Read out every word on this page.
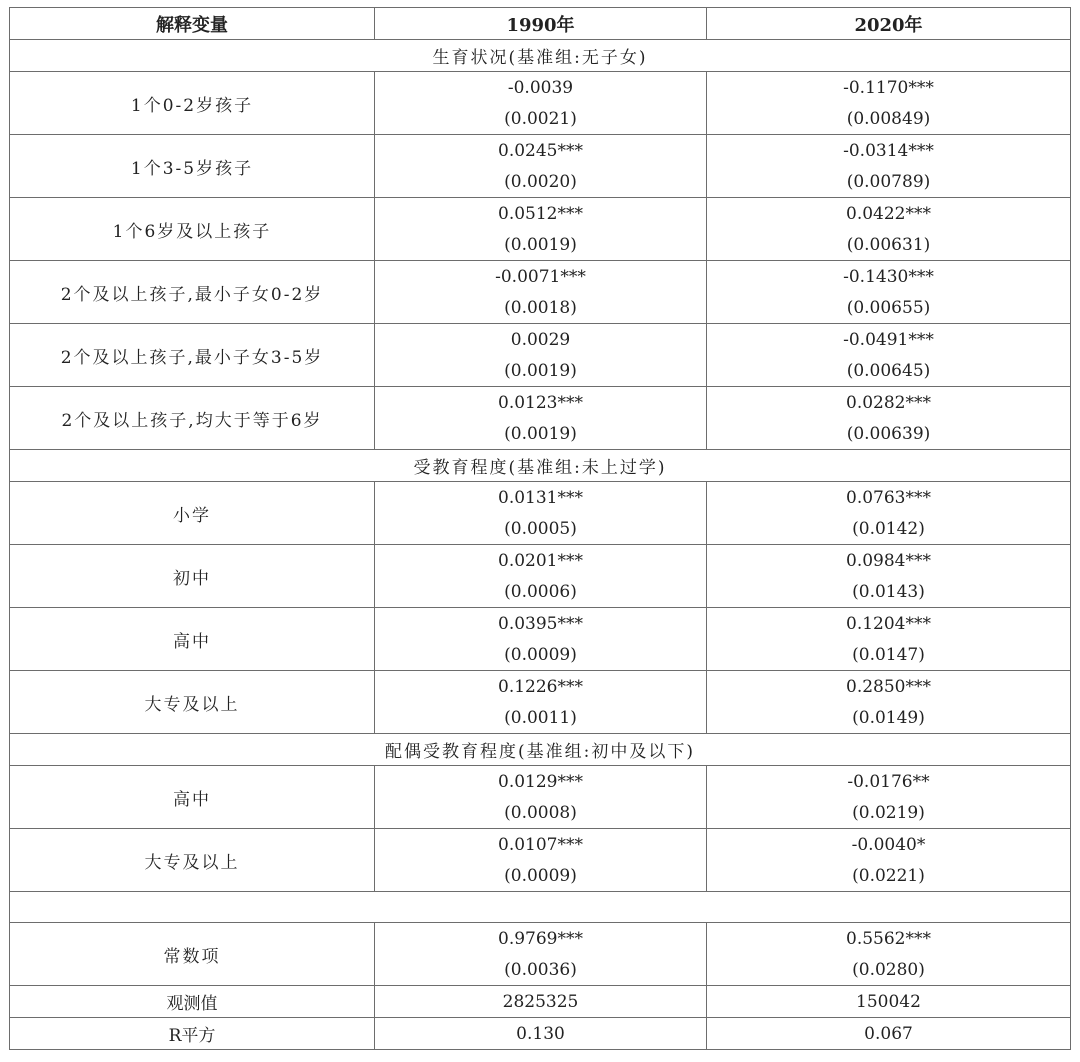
解释变量	1990年	2020年
生育状况(基准组:无子女)		
1个0-2岁孩子	-0.0039	-0.1170***
	(0.0021)	(0.00849)
1个3-5岁孩子	0.0245***	-0.0314***
	(0.0020)	(0.00789)
1个6岁及以上孩子	0.0512***	0.0422***
	(0.0019)	(0.00631)
2个及以上孩子,最小子女0-2岁	-0.0071***	-0.1430***
	(0.0018)	(0.00655)
2个及以上孩子,最小子女3-5岁	0.0029	-0.0491***
	(0.0019)	(0.00645)
2个及以上孩子,均大于等于6岁	0.0123***	0.0282***
	(0.0019)	(0.00639)
受教育程度(基准组:未上过学)		
小学	0.0131***	0.0763***
	(0.0005)	(0.0142)
初中	0.0201***	0.0984***
	(0.0006)	(0.0143)
高中	0.0395***	0.1204***
	(0.0009)	(0.0147)
大专及以上	0.1226***	0.2850***
	(0.0011)	(0.0149)
配偶受教育程度(基准组:初中及以下)		
高中	0.0129***	-0.0176**
	(0.0008)	(0.0219)
大专及以上	0.0107***	-0.0040*
	(0.0009)	(0.0221)

常数项	0.9769***	0.5562***
	(0.0036)	(0.0280)
观测值	2825325	150042
R平方	0.130	0.067
